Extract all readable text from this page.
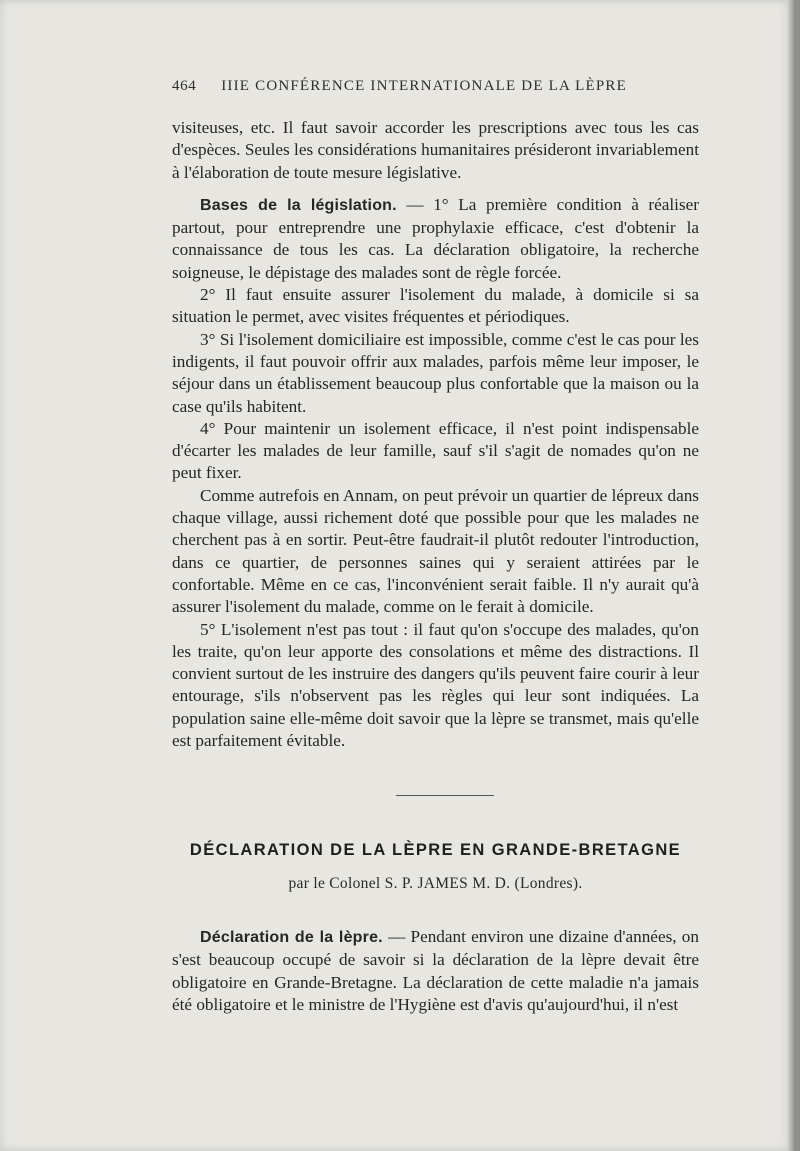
464 IIIE CONFÉRENCE INTERNATIONALE DE LA LÈPRE

visiteuses, etc. Il faut savoir accorder les prescriptions avec tous les cas d'espèces. Seules les considérations humanitaires présideront invariablement à l'élaboration de toute mesure législative.

Bases de la législation. — 1° La première condition à réaliser partout, pour entreprendre une prophylaxie efficace, c'est d'obtenir la connaissance de tous les cas. La déclaration obligatoire, la recherche soigneuse, le dépistage des malades sont de règle forcée.

2° Il faut ensuite assurer l'isolement du malade, à domicile si sa situation le permet, avec visites fréquentes et périodiques.

3° Si l'isolement domiciliaire est impossible, comme c'est le cas pour les indigents, il faut pouvoir offrir aux malades, parfois même leur imposer, le séjour dans un établissement beaucoup plus confortable que la maison ou la case qu'ils habitent.

4° Pour maintenir un isolement efficace, il n'est point indispensable d'écarter les malades de leur famille, sauf s'il s'agit de nomades qu'on ne peut fixer.

Comme autrefois en Annam, on peut prévoir un quartier de lépreux dans chaque village, aussi richement doté que possible pour que les malades ne cherchent pas à en sortir. Peut-être faudrait-il plutôt redouter l'introduction, dans ce quartier, de personnes saines qui y seraient attirées par le confortable. Même en ce cas, l'inconvénient serait faible. Il n'y aurait qu'à assurer l'isolement du malade, comme on le ferait à domicile.

5° L'isolement n'est pas tout : il faut qu'on s'occupe des malades, qu'on les traite, qu'on leur apporte des consolations et même des distractions. Il convient surtout de les instruire des dangers qu'ils peuvent faire courir à leur entourage, s'ils n'observent pas les règles qui leur sont indiquées. La population saine elle-même doit savoir que la lèpre se transmet, mais qu'elle est parfaitement évitable.

DÉCLARATION DE LA LÈPRE EN GRANDE-BRETAGNE
par le Colonel S. P. JAMES M. D. (Londres).

Déclaration de la lèpre. — Pendant environ une dizaine d'années, on s'est beaucoup occupé de savoir si la déclaration de la lèpre devait être obligatoire en Grande-Bretagne. La déclaration de cette maladie n'a jamais été obligatoire et le ministre de l'Hygiène est d'avis qu'aujourd'hui, il n'est
